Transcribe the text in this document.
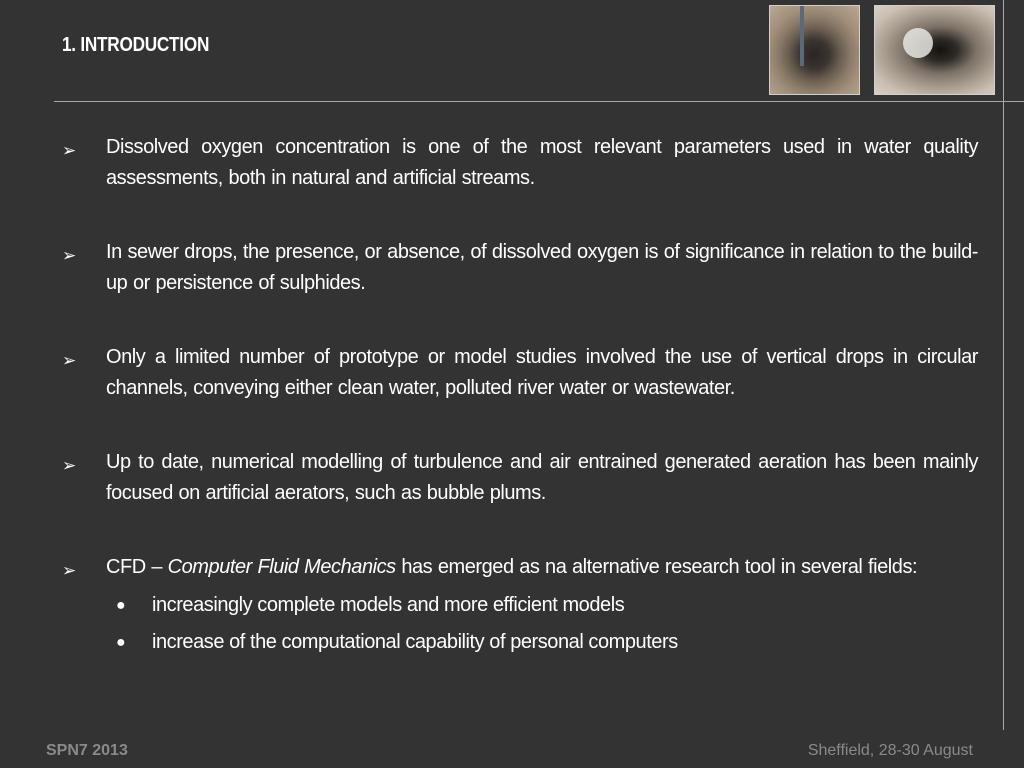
1. INTRODUCTION
➢ Dissolved oxygen concentration is one of the most relevant parameters used in water quality assessments, both in natural and artificial streams.
➢ In sewer drops, the presence, or absence, of dissolved oxygen is of significance in relation to the build-up or persistence of sulphides.
➢ Only a limited number of prototype or model studies involved the use of vertical drops in circular channels, conveying either clean water, polluted river water or wastewater.
➢ Up to date, numerical modelling of turbulence and air entrained generated aeration has been mainly focused on artificial aerators, such as bubble plums.
➢ CFD – Computer Fluid Mechanics has emerged as na alternative research tool in several fields:
● increasingly complete models and more efficient models
● increase of the computational capability of personal computers
SPN7 2013	Sheffield, 28-30 August
